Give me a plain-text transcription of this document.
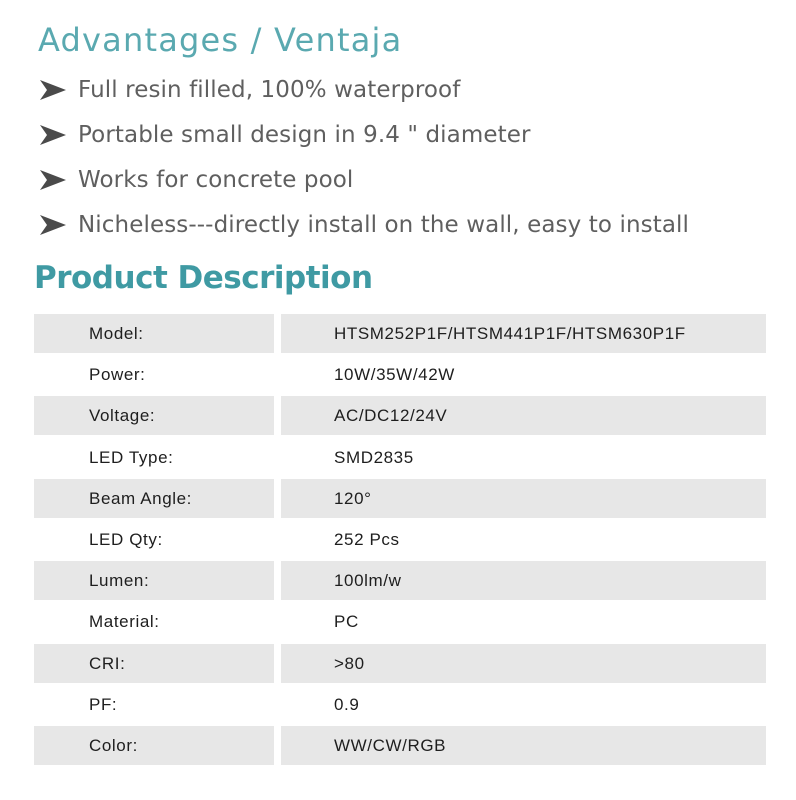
Advantages / Ventaja
Full resin filled, 100% waterproof
Portable small design in 9.4 " diameter
Works for concrete pool
Nicheless---directly install on the wall, easy to install
Product Description
Model:	HTSM252P1F/HTSM441P1F/HTSM630P1F
Power:	10W/35W/42W
Voltage:	AC/DC12/24V
LED Type:	SMD2835
Beam Angle:	120°
LED Qty:	252 Pcs
Lumen:	100lm/w
Material:	PC
CRI:	>80
PF:	0.9
Color:	WW/CW/RGB
